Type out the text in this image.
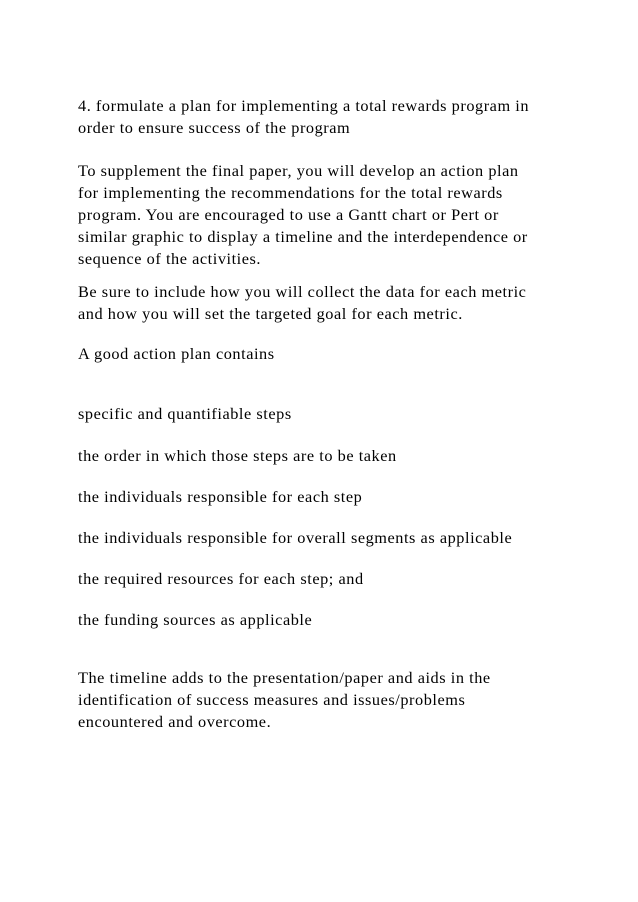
4. formulate a plan for implementing a total rewards program in

order to ensure success of the program

To supplement the final paper, you will develop an action plan

for implementing the recommendations for the total rewards

program. You are encouraged to use a Gantt chart or Pert or

similar graphic to display a timeline and the interdependence or

sequence of the activities.

Be sure to include how you will collect the data for each metric

and how you will set the targeted goal for each metric.

A good action plan contains

specific and quantifiable steps

the order in which those steps are to be taken

the individuals responsible for each step

the individuals responsible for overall segments as applicable

the required resources for each step; and

the funding sources as applicable

The timeline adds to the presentation/paper and aids in the

identification of success measures and issues/problems

encountered and overcome.
